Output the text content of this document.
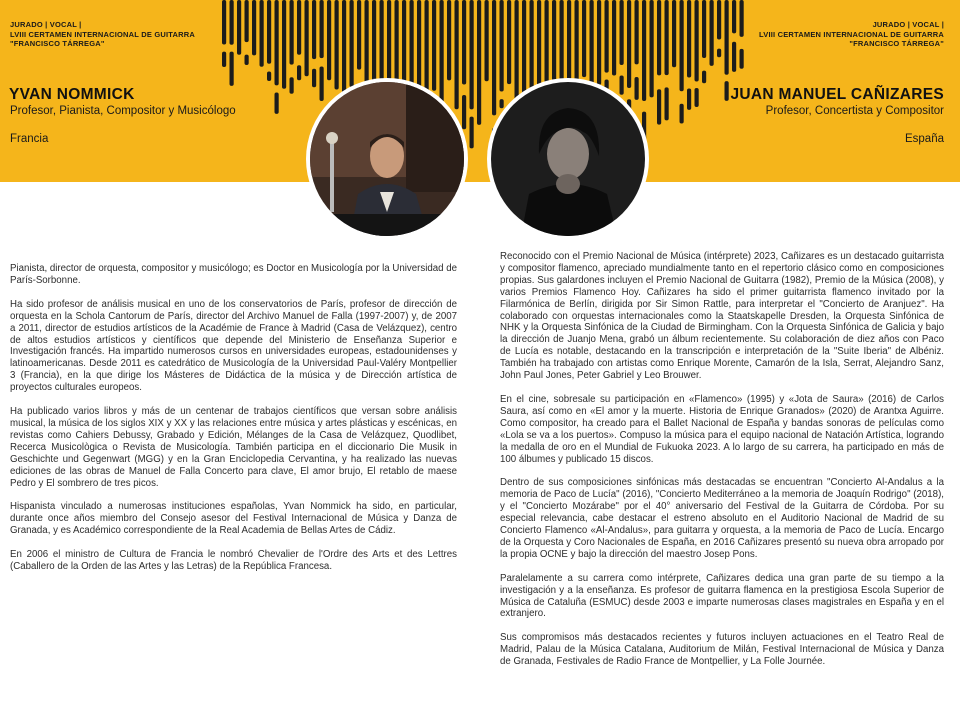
JURADO | VOCAL |
LVIII CERTAMEN INTERNACIONAL DE GUITARRA
"FRANCISCO TÁRREGA"
JURADO | VOCAL |
LVIII CERTAMEN INTERNACIONAL DE GUITARRA
"FRANCISCO TÁRREGA"
YVAN NOMMICK
Profesor, Pianista, Compositor y Musicólogo
Francia
JUAN MANUEL CAÑIZARES
Profesor, Concertista y Compositor
España

Pianista, director de orquesta, compositor y musicólogo; es Doctor en Musicología por la Universidad de París-Sorbonne.

Ha sido profesor de análisis musical en uno de los conservatorios de París, profesor de dirección de orquesta en la Schola Cantorum de París, director del Archivo Manuel de Falla (1997-2007) y, de 2007 a 2011, director de estudios artísticos de la Académie de France à Madrid (Casa de Velázquez), centro de altos estudios artísticos y científicos que depende del Ministerio de Enseñanza Superior e Investigación francés. Ha impartido numerosos cursos en universidades europeas, estadounidenses y latinoamericanas. Desde 2011 es catedrático de Musicología de la Universidad Paul-Valéry Montpellier 3 (Francia), en la que dirige los Másteres de Didáctica de la música y de Dirección artística de proyectos culturales europeos.

Ha publicado varios libros y más de un centenar de trabajos científicos que versan sobre análisis musical, la música de los siglos XIX y XX y las relaciones entre música y artes plásticas y escénicas, en revistas como Cahiers Debussy, Grabado y Edición, Mélanges de la Casa de Velázquez, Quodlibet, Recerca Musicològica o Revista de Musicología. También participa en el diccionario Die Musik in Geschichte und Gegenwart (MGG) y en la Gran Enciclopedia Cervantina, y ha realizado las nuevas ediciones de las obras de Manuel de Falla Concerto para clave, El amor brujo, El retablo de maese Pedro y El sombrero de tres picos.

Hispanista vinculado a numerosas instituciones españolas, Yvan Nommick ha sido, en particular, durante once años miembro del Consejo asesor del Festival Internacional de Música y Danza de Granada, y es Académico correspondiente de la Real Academia de Bellas Artes de Cádiz.

En 2006 el ministro de Cultura de Francia le nombró Chevalier de l'Ordre des Arts et des Lettres (Caballero de la Orden de las Artes y las Letras) de la República Francesa.

Reconocido con el Premio Nacional de Música (intérprete) 2023, Cañizares es un destacado guitarrista y compositor flamenco, apreciado mundialmente tanto en el repertorio clásico como en composiciones propias. Sus galardones incluyen el Premio Nacional de Guitarra (1982), Premio de la Música (2008), y varios Premios Flamenco Hoy. Cañizares ha sido el primer guitarrista flamenco invitado por la Filarmónica de Berlín, dirigida por Sir Simon Rattle, para interpretar el "Concierto de Aranjuez". Ha colaborado con orquestas internacionales como la Staatskapelle Dresden, la Orquesta Sinfónica de NHK y la Orquesta Sinfónica de la Ciudad de Birmingham. Con la Orquesta Sinfónica de Galicia y bajo la dirección de Juanjo Mena, grabó un álbum recientemente. Su colaboración de diez años con Paco de Lucía es notable, destacando en la transcripción e interpretación de la "Suite Iberia" de Albéniz. También ha trabajado con artistas como Enrique Morente, Camarón de la Isla, Serrat, Alejandro Sanz, John Paul Jones, Peter Gabriel y Leo Brouwer.

En el cine, sobresale su participación en «Flamenco» (1995) y «Jota de Saura» (2016) de Carlos Saura, así como en «El amor y la muerte. Historia de Enrique Granados» (2020) de Arantxa Aguirre. Como compositor, ha creado para el Ballet Nacional de España y bandas sonoras de películas como «Lola se va a los puertos». Compuso la música para el equipo nacional de Natación Artística, logrando la medalla de oro en el Mundial de Fukuoka 2023. A lo largo de su carrera, ha participado en más de 100 álbumes y publicado 15 discos.

Dentro de sus composiciones sinfónicas más destacadas se encuentran "Concierto Al-Andalus a la memoria de Paco de Lucía" (2016), "Concierto Mediterráneo a la memoria de Joaquín Rodrigo" (2018), y el "Concierto Mozárabe" por el 40° aniversario del Festival de la Guitarra de Córdoba. Por su especial relevancia, cabe destacar el estreno absoluto en el Auditorio Nacional de Madrid de su Concierto Flamenco «Al-Andalus», para guitarra y orquesta, a la memoria de Paco de Lucía. Encargo de la Orquesta y Coro Nacionales de España, en 2016 Cañizares presentó su nueva obra arropado por la propia OCNE y bajo la dirección del maestro Josep Pons.

Paralelamente a su carrera como intérprete, Cañizares dedica una gran parte de su tiempo a la investigación y a la enseñanza. Es profesor de guitarra flamenca en la prestigiosa Escola Superior de Música de Cataluña (ESMUC) desde 2003 e imparte numerosas clases magistrales en España y en el extranjero.

Sus compromisos más destacados recientes y futuros incluyen actuaciones en el Teatro Real de Madrid, Palau de la Música Catalana, Auditorium de Milán, Festival Internacional de Música y Danza de Granada, Festivales de Radio France de Montpellier, y La Folle Journée.
